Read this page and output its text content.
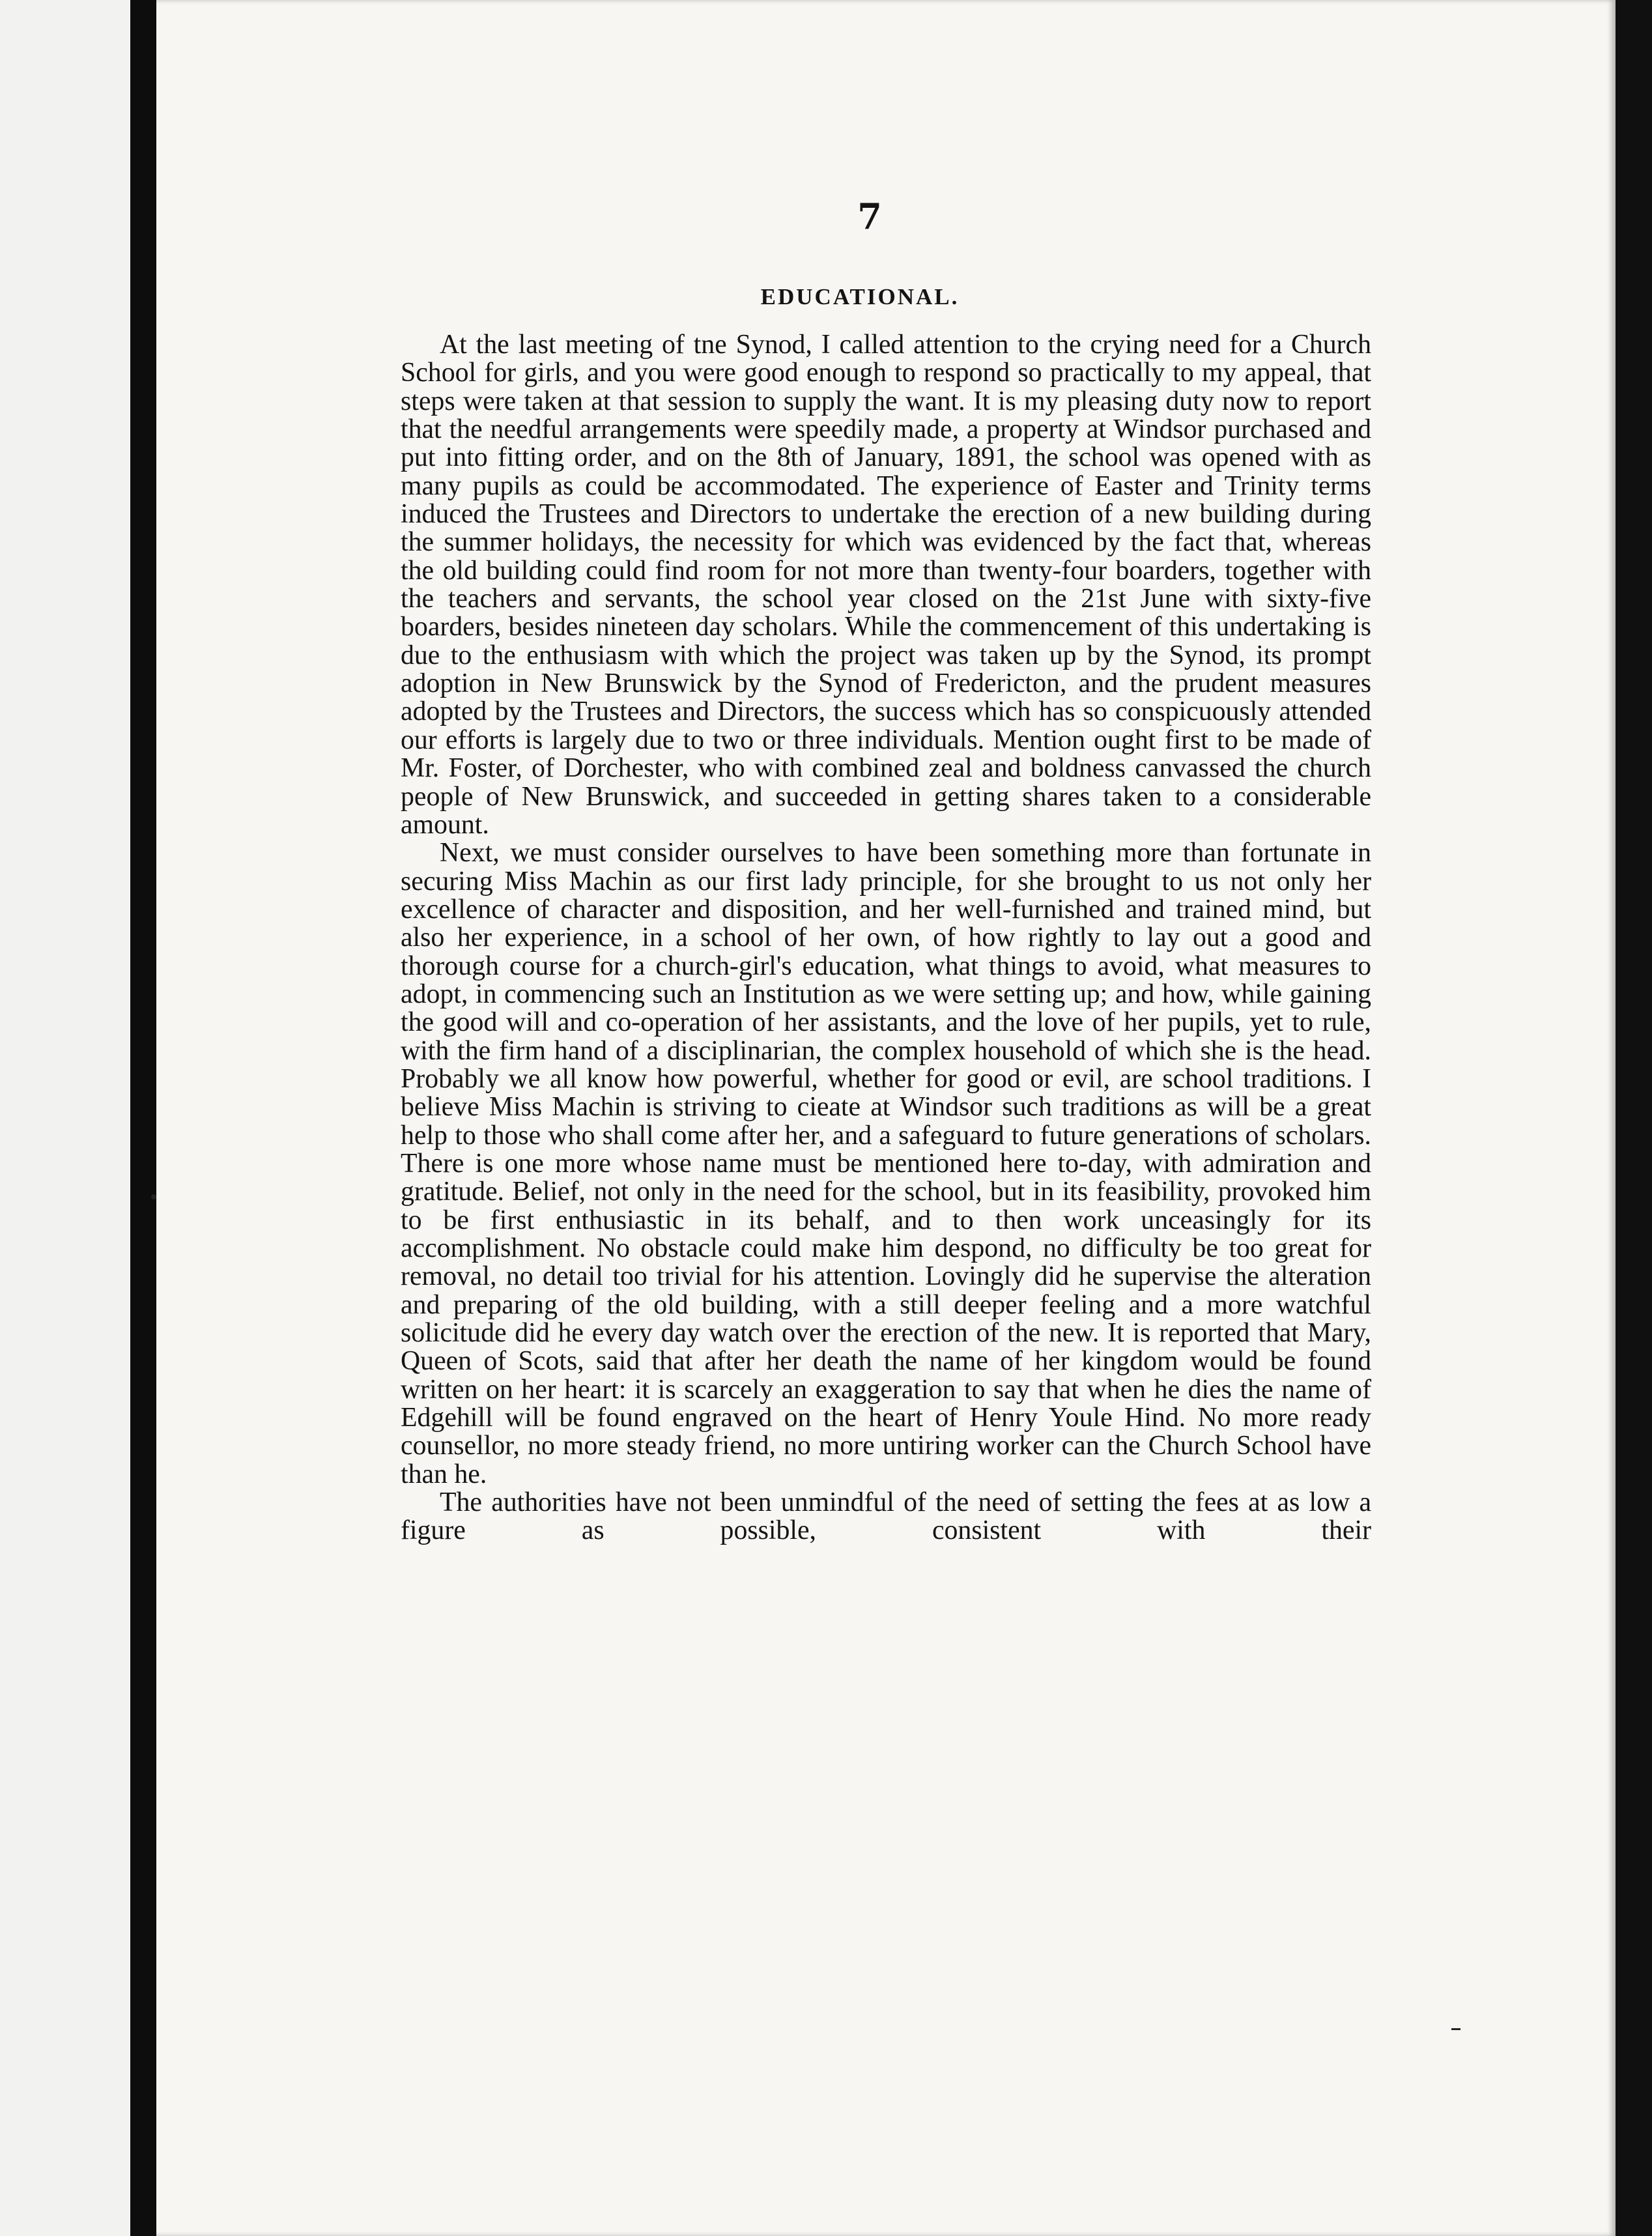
7
EDUCATIONAL.

At the last meeting of tne Synod, I called attention to the crying need for a Church School for girls, and you were good enough to respond so practically to my appeal, that steps were taken at that session to supply the want. It is my pleasing duty now to report that the needful arrangements were speedily made, a property at Windsor purchased and put into fitting order, and on the 8th of January, 1891, the school was opened with as many pupils as could be accommodated. The experience of Easter and Trinity terms induced the Trustees and Directors to undertake the erection of a new building during the summer holidays, the necessity for which was evidenced by the fact that, whereas the old building could find room for not more than twenty-four boarders, together with the teachers and servants, the school year closed on the 21st June with sixty-five boarders, besides nineteen day scholars. While the commencement of this undertaking is due to the enthusiasm with which the project was taken up by the Synod, its prompt adoption in New Brunswick by the Synod of Fredericton, and the prudent measures adopted by the Trustees and Directors, the success which has so conspicuously attended our efforts is largely due to two or three individuals. Mention ought first to be made of Mr. Foster, of Dorchester, who with combined zeal and boldness canvassed the church people of New Brunswick, and succeeded in getting shares taken to a considerable amount.

Next, we must consider ourselves to have been something more than fortunate in securing Miss Machin as our first lady principle, for she brought to us not only her excellence of character and disposition, and her well-furnished and trained mind, but also her experience, in a school of her own, of how rightly to lay out a good and thorough course for a church-girl's education, what things to avoid, what measures to adopt, in commencing such an Institution as we were setting up; and how, while gaining the good will and co-operation of her assistants, and the love of her pupils, yet to rule, with the firm hand of a disciplinarian, the complex household of which she is the head. Probably we all know how powerful, whether for good or evil, are school traditions. I believe Miss Machin is striving to cieate at Windsor such traditions as will be a great help to those who shall come after her, and a safeguard to future generations of scholars. There is one more whose name must be mentioned here to-day, with admiration and gratitude. Belief, not only in the need for the school, but in its feasibility, provoked him to be first enthusiastic in its behalf, and to then work unceasingly for its accomplishment. No obstacle could make him despond, no difficulty be too great for removal, no detail too trivial for his attention. Lovingly did he supervise the alteration and preparing of the old building, with a still deeper feeling and a more watchful solicitude did he every day watch over the erection of the new. It is reported that Mary, Queen of Scots, said that after her death the name of her kingdom would be found written on her heart: it is scarcely an exaggeration to say that when he dies the name of Edgehill will be found engraved on the heart of Henry Youle Hind. No more ready counsellor, no more steady friend, no more untiring worker can the Church School have than he.

The authorities have not been unmindful of the need of setting the fees at as low a figure as possible, consistent with their
